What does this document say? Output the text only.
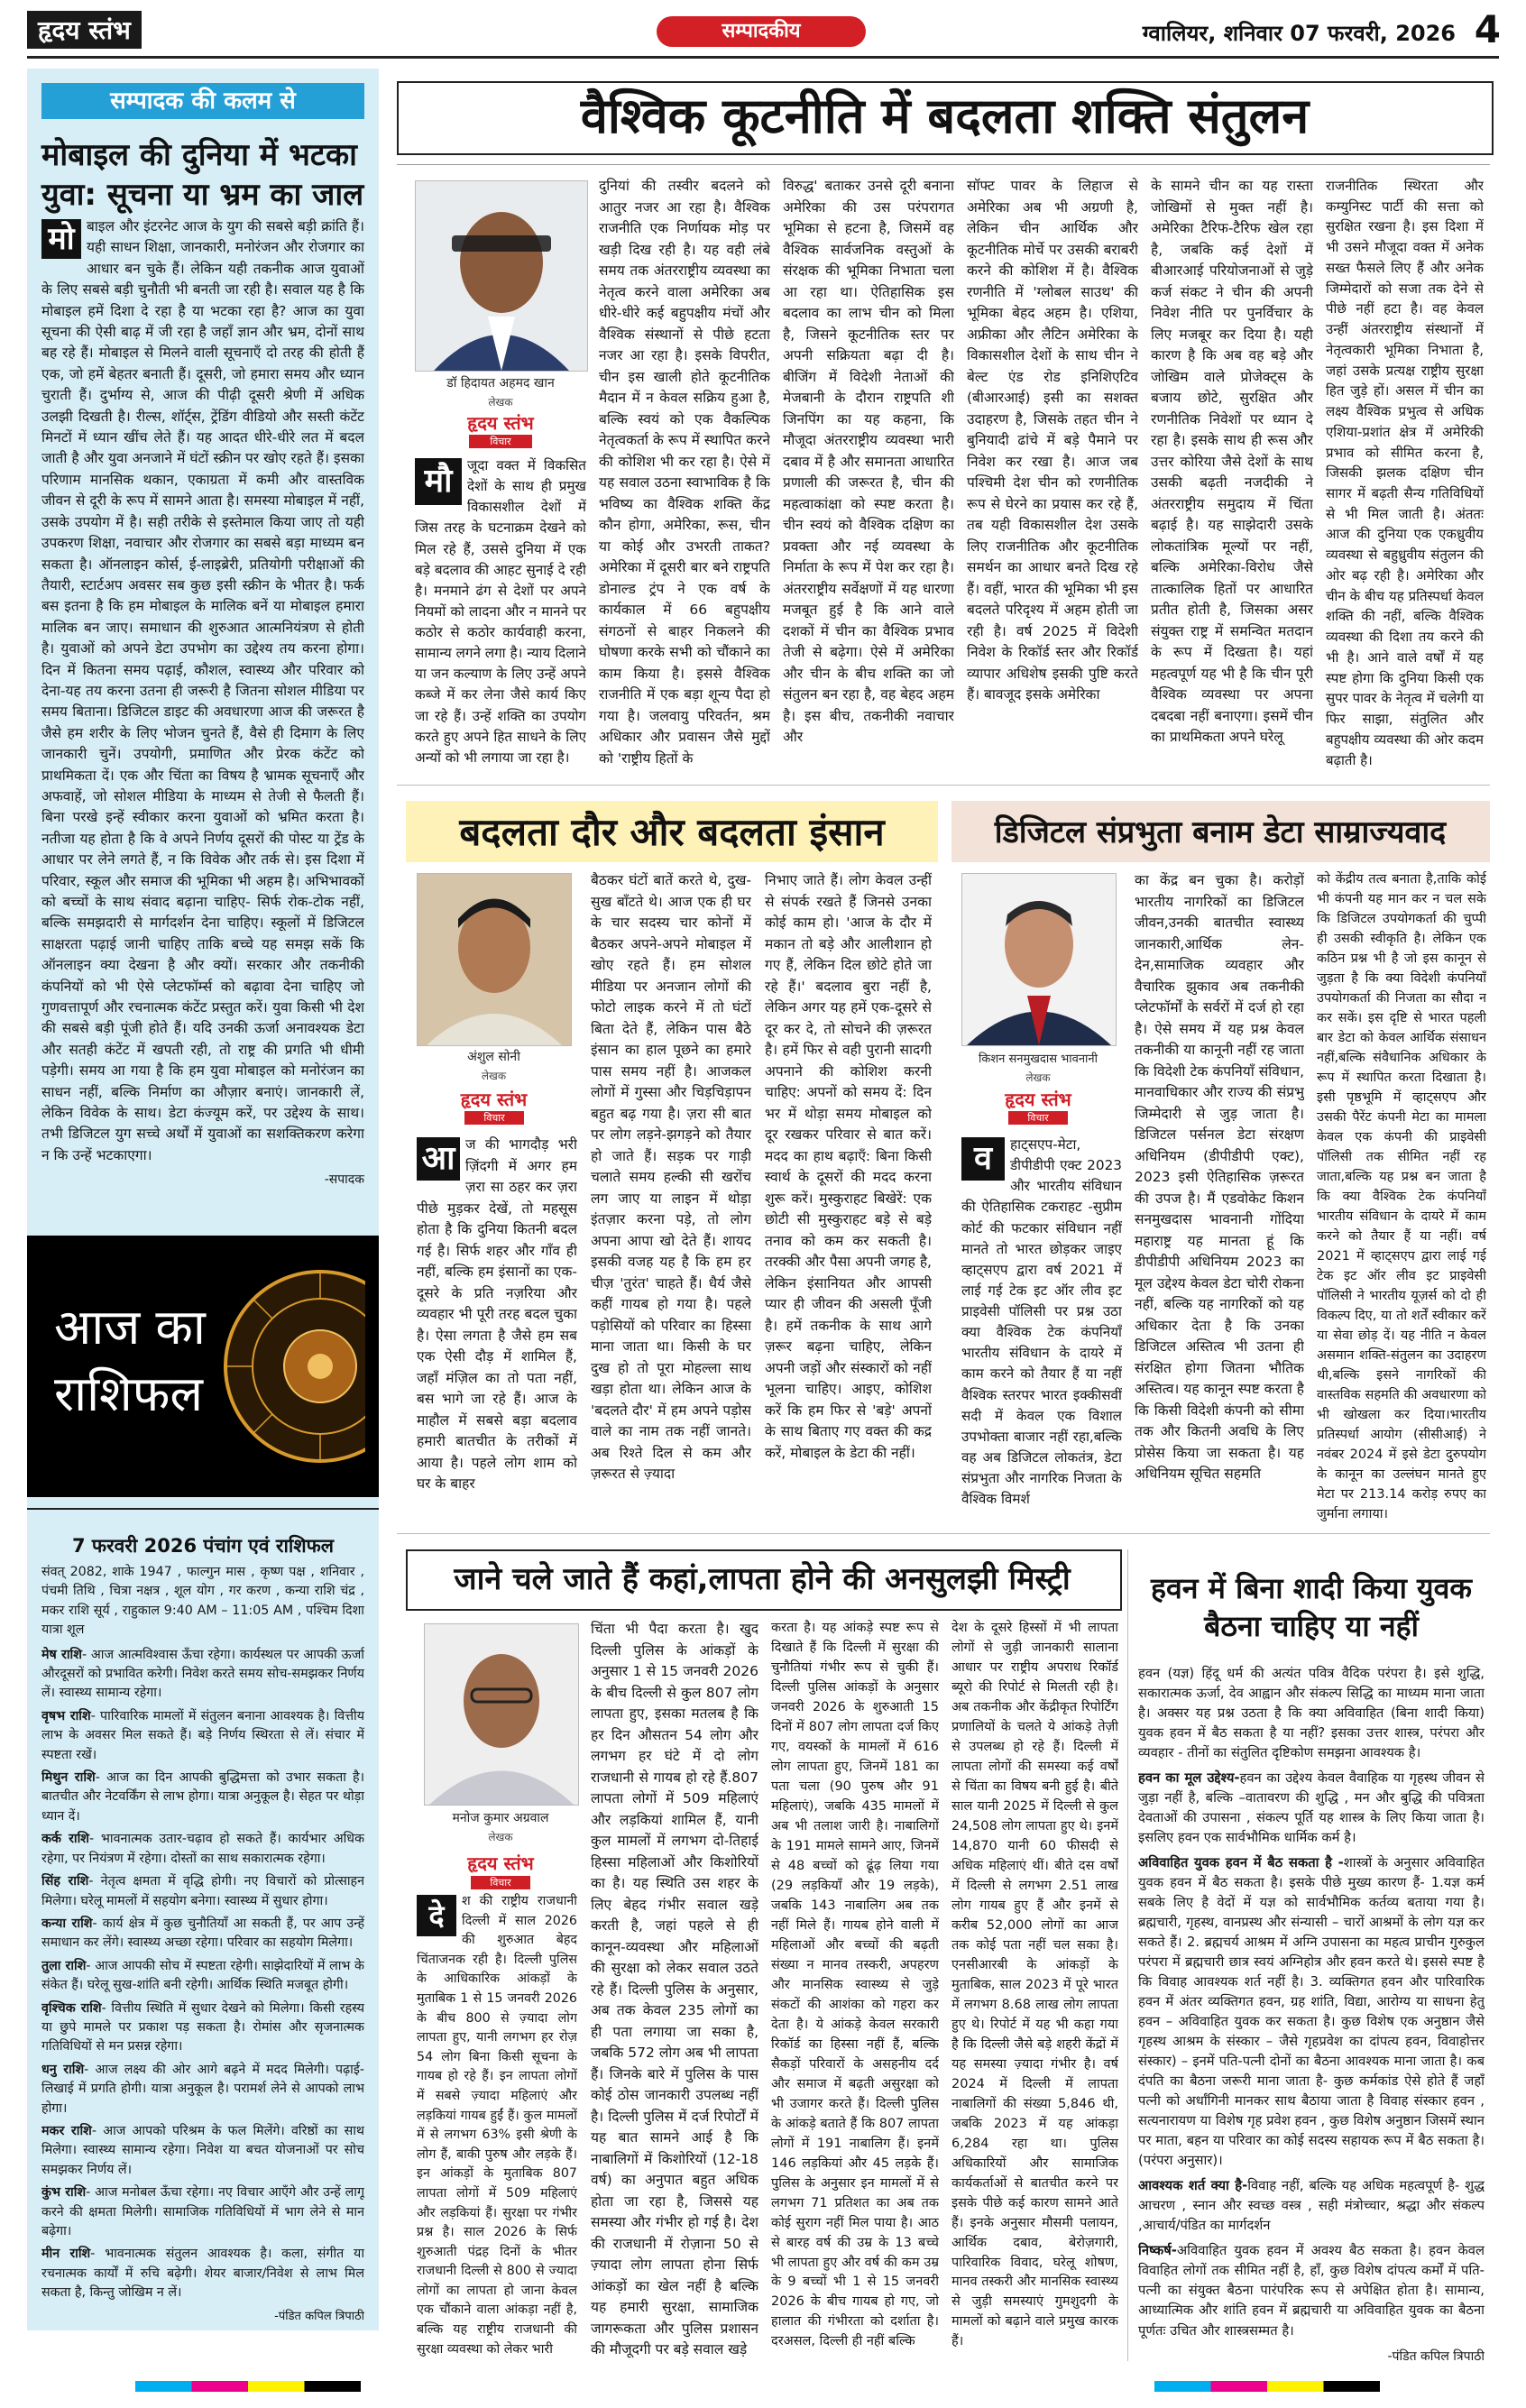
हृदय स्तंभ	सम्पादकीय	ग्वालियर, शनिवार 07 फरवरी, 2026 4
सम्पादक की कलम से
मोबाइल की दुनिया में भटका युवा: सूचना या भ्रम का जाल
मो बाइल और इंटरनेट आज के युग की सबसे बड़ी क्रांति हैं। यही साधन शिक्षा, जानकारी, मनोरंजन और रोजगार का आधार बन चुके हैं। लेकिन यही तकनीक आज युवाओं के लिए सबसे बड़ी चुनौती भी बनती जा रही है। सवाल यह है कि मोबाइल हमें दिशा दे रहा है या भटका रहा है? आज का युवा सूचना की ऐसी बाढ़ में जी रहा है जहाँ ज्ञान और भ्रम, दोनों साथ बह रहे हैं। मोबाइल से मिलने वाली सूचनाएँ दो तरह की होती हैं एक, जो हमें बेहतर बनाती हैं। दूसरी, जो हमारा समय और ध्यान चुराती हैं। दुर्भाग्य से, आज की पीढ़ी दूसरी श्रेणी में अधिक उलझी दिखती है। रील्स, शॉर्ट्स, ट्रेंडिंग वीडियो और सस्ती कंटेंट मिनटों में ध्यान खींच लेते हैं। यह आदत धीरे-धीरे लत में बदल जाती है और युवा अनजाने में घंटों स्क्रीन पर खोए रहते हैं। इसका परिणाम मानसिक थकान, एकाग्रता में कमी और वास्तविक जीवन से दूरी के रूप में सामने आता है। समस्या मोबाइल में नहीं, उसके उपयोग में है। सही तरीके से इस्तेमाल किया जाए तो यही उपकरण शिक्षा, नवाचार और रोजगार का सबसे बड़ा माध्यम बन सकता है। ऑनलाइन कोर्स, ई-लाइब्रेरी, प्रतियोगी परीक्षाओं की तैयारी, स्टार्टअप अवसर सब कुछ इसी स्क्रीन के भीतर है। फर्क बस इतना है कि हम मोबाइल के मालिक बनें या मोबाइल हमारा मालिक बन जाए। समाधान की शुरुआत आत्मनियंत्रण से होती है। युवाओं को अपने डेटा उपभोग का उद्देश्य तय करना होगा। दिन में कितना समय पढ़ाई, कौशल, स्वास्थ्य और परिवार को देना-यह तय करना उतना ही जरूरी है जितना सोशल मीडिया पर समय बिताना। डिजिटल डाइट की अवधारणा आज की जरूरत है जैसे हम शरीर के लिए भोजन चुनते हैं, वैसे ही दिमाग के लिए जानकारी चुनें। उपयोगी, प्रमाणित और प्रेरक कंटेंट को प्राथमिकता दें। एक और चिंता का विषय है भ्रामक सूचनाएँ और अफवाहें, जो सोशल मीडिया के माध्यम से तेजी से फैलती हैं। बिना परखे इन्हें स्वीकार करना युवाओं को भ्रमित करता है। नतीजा यह होता है कि वे अपने निर्णय दूसरों की पोस्ट या ट्रेंड के आधार पर लेने लगते हैं, न कि विवेक और तर्क से। इस दिशा में परिवार, स्कूल और समाज की भूमिका भी अहम है। अभिभावकों को बच्चों के साथ संवाद बढ़ाना चाहिए- सिर्फ रोक-टोक नहीं, बल्कि समझदारी से मार्गदर्शन देना चाहिए। स्कूलों में डिजिटल साक्षरता पढ़ाई जानी चाहिए ताकि बच्चे यह समझ सकें कि ऑनलाइन क्या देखना है और क्यों। सरकार और तकनीकी कंपनियों को भी ऐसे प्लेटफॉर्म्स को बढ़ावा देना चाहिए जो गुणवत्तापूर्ण और रचनात्मक कंटेंट प्रस्तुत करें। युवा किसी भी देश की सबसे बड़ी पूंजी होते हैं। यदि उनकी ऊर्जा अनावश्यक डेटा और सतही कंटेंट में खपती रही, तो राष्ट्र की प्रगति भी धीमी पड़ेगी। समय आ गया है कि हम युवा मोबाइल को मनोरंजन का साधन नहीं, बल्कि निर्माण का औज़ार बनाएं। जानकारी लें, लेकिन विवेक के साथ। डेटा कंज्यूम करें, पर उद्देश्य के साथ। तभी डिजिटल युग सच्चे अर्थों में युवाओं का सशक्तिकरण करेगा न कि उन्हें भटकाएगा।
-सपादक
आज का
राशिफल
7 फरवरी 2026 पंचांग एवं राशिफल

संवत् 2082, शाके 1947 , फाल्गुन मास , कृष्ण पक्ष , शनिवार , पंचमी तिथि , चित्रा नक्षत्र , शूल योग , गर करण , कन्या राशि चंद्र , मकर राशि सूर्य , राहुकाल 9:40 AM – 11:05 AM , पश्चिम दिशा यात्रा शूल

मेष राशि- आज आत्मविश्वास ऊँचा रहेगा। कार्यस्थल पर आपकी ऊर्जा औरदूसरों को प्रभावित करेगी। निवेश करते समय सोच-समझकर निर्णय लें। स्वास्थ्य सामान्य रहेगा।

वृषभ राशि- पारिवारिक मामलों में संतुलन बनाना आवश्यक है। वित्तीय लाभ के अवसर मिल सकते हैं। बड़े निर्णय स्थिरता से लें। संचार में स्पष्टता रखें।

मिथुन राशि- आज का दिन आपकी बुद्धिमत्ता को उभार सकता है। बातचीत और नेटवर्किंग से लाभ होगा। यात्रा अनुकूल है। सेहत पर थोड़ा ध्यान दें।

कर्क राशि- भावनात्मक उतार-चढ़ाव हो सकते हैं। कार्यभार अधिक रहेगा, पर नियंत्रण में रहेगा। दोस्तों का साथ सकारात्मक रहेगा।

सिंह राशि- नेतृत्व क्षमता में वृद्धि होगी। नए विचारों को प्रोत्साहन मिलेगा। घरेलू मामलों में सहयोग बनेगा। स्वास्थ्य में सुधार होगा।

कन्या राशि- कार्य क्षेत्र में कुछ चुनौतियाँ आ सकती हैं, पर आप उन्हें समाधान कर लेंगे। स्वास्थ्य अच्छा रहेगा। परिवार का सहयोग मिलेगा।

तुला राशि- आज आपकी सोच में स्पष्टता रहेगी। साझेदारियों में लाभ के संकेत हैं। घरेलू सुख-शांति बनी रहेगी। आर्थिक स्थिति मजबूत होगी।

वृश्चिक राशि- वित्तीय स्थिति में सुधार देखने को मिलेगा। किसी रहस्य या छुपे मामले पर प्रकाश पड़ सकता है। रोमांस और सृजनात्मक गतिविधियों से मन प्रसन्न रहेगा।

धनु राशि- आज लक्ष्य की ओर आगे बढ़ने में मदद मिलेगी। पढ़ाई-लिखाई में प्रगति होगी। यात्रा अनुकूल है। परामर्श लेने से आपको लाभ होगा।

मकर राशि- आज आपको परिश्रम के फल मिलेंगे। वरिष्ठों का साथ मिलेगा। स्वास्थ्य सामान्य रहेगा। निवेश या बचत योजनाओं पर सोच समझकर निर्णय लें।

कुंभ राशि- आज मनोबल ऊँचा रहेगा। नए विचार आएँगे और उन्हें लागू करने की क्षमता मिलेगी। सामाजिक गतिविधियों में भाग लेने से मान बढ़ेगा।

मीन राशि- भावनात्मक संतुलन आवश्यक है। कला, संगीत या रचनात्मक कार्यों में रुचि बढ़ेगी। शेयर बाजार/निवेश से लाभ मिल सकता है, किन्तु जोखिम न लें।

-पंडित कपिल त्रिपाठी
वैश्विक कूटनीति में बदलता शक्ति संतुलन
डॉ हिदायत अहमद खान
लेखक
हृदय स्तंभ
विचार
मौ	जूदा वक्त में विकसित देशों के साथ ही प्रमुख विकासशील देशों में जिस तरह के घटनाक्रम देखने को मिल रहे हैं, उससे दुनिया में एक बड़े बदलाव की आहट सुनाई दे रही है। मनमाने ढंग से देशों पर अपने नियमों को लादना और न मानने पर कठोर से कठोर कार्यवाही करना, सामान्य लगने लगा है। न्याय दिलाने या जन कल्याण के लिए उन्हें अपने कब्जे में कर लेना जैसे कार्य किए जा रहे हैं। उन्हें शक्ति का उपयोग करते हुए अपने हित साधने के लिए अन्यों को भी लगाया जा रहा है।
दुनियां की तस्वीर बदलने को आतुर नजर आ रहा है। वैश्विक राजनीति एक निर्णायक मोड़ पर खड़ी दिख रही है। यह वही लंबे समय तक अंतरराष्ट्रीय व्यवस्था का नेतृत्व करने वाला अमेरिका अब धीरे-धीरे कई बहुपक्षीय मंचों और वैश्विक संस्थानों से पीछे हटता नजर आ रहा है। इसके विपरीत, चीन इस खाली होते कूटनीतिक मैदान में न केवल सक्रिय हुआ है, बल्कि स्वयं को एक वैकल्पिक नेतृत्वकर्ता के रूप में स्थापित करने की कोशिश भी कर रहा है। ऐसे में यह सवाल उठना स्वाभाविक है कि भविष्य का वैश्विक शक्ति केंद्र कौन होगा, अमेरिका, रूस, चीन या कोई और उभरती ताकत? अमेरिका में दूसरी बार बने राष्ट्रपति डोनाल्ड ट्रंप ने एक वर्ष के कार्यकाल में 66 बहुपक्षीय संगठनों से बाहर निकलने की घोषणा करके सभी को चौंकाने का काम किया है। इससे वैश्विक राजनीति में एक बड़ा शून्य पैदा हो गया है। जलवायु परिवर्तन, श्रम अधिकार और प्रवासन जैसे मुद्दों को 'राष्ट्रीय हितों के
विरुद्ध' बताकर उनसे दूरी बनाना अमेरिका की उस परंपरागत भूमिका से हटना है, जिसमें वह वैश्विक सार्वजनिक वस्तुओं के संरक्षक की भूमिका निभाता चला आ रहा था। ऐतिहासिक इस बदलाव का लाभ चीन को मिला है, जिसने कूटनीतिक स्तर पर अपनी सक्रियता बढ़ा दी है। बीजिंग में विदेशी नेताओं की मेजबानी के दौरान राष्ट्रपति शी जिनपिंग का यह कहना, कि मौजूदा अंतरराष्ट्रीय व्यवस्था भारी दबाव में है और समानता आधारित प्रणाली की जरूरत है, चीन की महत्वाकांक्षा को स्पष्ट करता है। चीन स्वयं को वैश्विक दक्षिण का प्रवक्ता और नई व्यवस्था के निर्माता के रूप में पेश कर रहा है। अंतरराष्ट्रीय सर्वेक्षणों में यह धारणा मजबूत हुई है कि आने वाले दशकों में चीन का वैश्विक प्रभाव तेजी से बढ़ेगा। ऐसे में अमेरिका और चीन के बीच शक्ति का जो संतुलन बन रहा है, वह बेहद अहम है। इस बीच, तकनीकी नवाचार और
सॉफ्ट पावर के लिहाज से अमेरिका अब भी अग्रणी है, लेकिन चीन आर्थिक और कूटनीतिक मोर्चे पर उसकी बराबरी करने की कोशिश में है। वैश्विक रणनीति में 'ग्लोबल साउथ' की भूमिका बेहद अहम है। एशिया, अफ्रीका और लैटिन अमेरिका के विकासशील देशों के साथ चीन ने बेल्ट एंड रोड इनिशिएटिव (बीआरआई) इसी का सशक्त उदाहरण है, जिसके तहत चीन ने बुनियादी ढांचे में बड़े पैमाने पर निवेश कर रखा है। आज जब पश्चिमी देश चीन को रणनीतिक रूप से घेरने का प्रयास कर रहे हैं, तब यही विकासशील देश उसके लिए राजनीतिक और कूटनीतिक समर्थन का आधार बनते दिख रहे हैं। वहीं, भारत की भूमिका भी इस बदलते परिदृश्य में अहम होती जा रही है। वर्ष 2025 में विदेशी निवेश के रिकॉर्ड स्तर और रिकॉर्ड व्यापार अधिशेष इसकी पुष्टि करते हैं। बावजूद इसके अमेरिका
के सामने चीन का यह रास्ता जोखिमों से मुक्त नहीं है। अमेरिका टैरिफ-टैरिफ खेल रहा है, जबकि कई देशों में बीआरआई परियोजनाओं से जुड़े कर्ज संकट ने चीन की अपनी निवेश नीति पर पुनर्विचार के लिए मजबूर कर दिया है। यही कारण है कि अब वह बड़े और जोखिम वाले प्रोजेक्ट्स के बजाय छोटे, सुरक्षित और रणनीतिक निवेशों पर ध्यान दे रहा है। इसके साथ ही रूस और उत्तर कोरिया जैसे देशों के साथ उसकी बढ़ती नजदीकी ने अंतरराष्ट्रीय समुदाय में चिंता बढ़ाई है। यह साझेदारी उसके लोकतांत्रिक मूल्यों पर नहीं, बल्कि अमेरिका-विरोध जैसे तात्कालिक हितों पर आधारित प्रतीत होती है, जिसका असर संयुक्त राष्ट्र में समन्वित मतदान के रूप में दिखता है। यहां महत्वपूर्ण यह भी है कि चीन पूरी वैश्विक व्यवस्था पर अपना दबदबा नहीं बनाएगा। इसमें चीन का प्राथमिकता अपने घरेलू
राजनीतिक स्थिरता और कम्युनिस्ट पार्टी की सत्ता को सुरक्षित रखना है। इस दिशा में भी उसने मौजूदा वक्त में अनेक सख्त फैसले लिए हैं और अनेक जिम्मेदारों को सजा तक देने से पीछे नहीं हटा है। वह केवल उन्हीं अंतरराष्ट्रीय संस्थानों में नेतृत्वकारी भूमिका निभाता है, जहां उसके प्रत्यक्ष राष्ट्रीय सुरक्षा हित जुड़े हों। असल में चीन का लक्ष्य वैश्विक प्रभुत्व से अधिक एशिया-प्रशांत क्षेत्र में अमेरिकी प्रभाव को सीमित करना है, जिसकी झलक दक्षिण चीन सागर में बढ़ती सैन्य गतिविधियों से भी मिल जाती है। अंततः आज की दुनिया एक एकध्रुवीय व्यवस्था से बहुध्रुवीय संतुलन की ओर बढ़ रही है। अमेरिका और चीन के बीच यह प्रतिस्पर्धा केवल शक्ति की नहीं, बल्कि वैश्विक व्यवस्था की दिशा तय करने की भी है। आने वाले वर्षों में यह स्पष्ट होगा कि दुनिया किसी एक सुपर पावर के नेतृत्व में चलेगी या फिर साझा, संतुलित और बहुपक्षीय व्यवस्था की ओर कदम बढ़ाती है।
बदलता दौर और बदलता इंसान
अंशुल सोनी
लेखक
हृदय स्तंभ
विचार
आ ज की भागदौड़ भरी ज़िंदगी में अगर हम ज़रा सा ठहर कर ज़रा पीछे मुड़कर देखें, तो महसूस होता है कि दुनिया कितनी बदल गई है। सिर्फ शहर और गाँव ही नहीं, बल्कि हम इंसानों का एक-दूसरे के प्रति नज़रिया और व्यवहार भी पूरी तरह बदल चुका है। ऐसा लगता है जैसे हम सब एक ऐसी दौड़ में शामिल हैं, जहाँ मंज़िल का तो पता नहीं, बस भागे जा रहे हैं। आज के माहौल में सबसे बड़ा बदलाव हमारी बातचीत के तरीकों में आया है। पहले लोग शाम को घर के बाहर
बैठकर घंटों बातें करते थे, दुख-सुख बाँटते थे। आज एक ही घर के चार सदस्य चार कोनों में बैठकर अपने-अपने मोबाइल में खोए रहते हैं। हम सोशल मीडिया पर अनजान लोगों की फोटो लाइक करने में तो घंटों बिता देते हैं, लेकिन पास बैठे इंसान का हाल पूछने का हमारे पास समय नहीं है। आजकल लोगों में गुस्सा और चिड़चिड़ापन बहुत बढ़ गया है। ज़रा सी बात पर लोग लड़ने-झगड़ने को तैयार हो जाते हैं। सड़क पर गाड़ी चलाते समय हल्की सी खरोंच लग जाए या लाइन में थोड़ा इंतज़ार करना पड़े, तो लोग अपना आपा खो देते हैं। शायद इसकी वजह यह है कि हम हर चीज़ 'तुरंत' चाहते हैं। धैर्य जैसे कहीं गायब हो गया है। पहले पड़ोसियों को परिवार का हिस्सा माना जाता था। किसी के घर दुख हो तो पूरा मोहल्ला साथ खड़ा होता था। लेकिन आज के 'बदलते दौर' में हम अपने पड़ोस वाले का नाम तक नहीं जानते। अब रिश्ते दिल से कम और ज़रूरत से ज़्यादा
निभाए जाते हैं। लोग केवल उन्हीं से संपर्क रखते हैं जिनसे उनका कोई काम हो। 'आज के दौर में मकान तो बड़े और आलीशान हो गए हैं, लेकिन दिल छोटे होते जा रहे हैं।' बदलाव बुरा नहीं है, लेकिन अगर यह हमें एक-दूसरे से दूर कर दे, तो सोचने की ज़रूरत है। हमें फिर से वही पुरानी सादगी अपनाने की कोशिश करनी चाहिए: अपनों को समय दें: दिन भर में थोड़ा समय मोबाइल को दूर रखकर परिवार से बात करें। मदद का हाथ बढ़ाएँ: बिना किसी स्वार्थ के दूसरों की मदद करना शुरू करें। मुस्कुराहट बिखेरें: एक छोटी सी मुस्कुराहट बड़े से बड़े तनाव को कम कर सकती है। तरक्की और पैसा अपनी जगह है, लेकिन इंसानियत और आपसी प्यार ही जीवन की असली पूँजी है। हमें तकनीक के साथ आगे ज़रूर बढ़ना चाहिए, लेकिन अपनी जड़ों और संस्कारों को नहीं भूलना चाहिए। आइए, कोशिश करें कि हम फिर से 'बड़े' अपनों के साथ बिताए गए वक्त की कद्र करें, मोबाइल के डेटा की नहीं।
डिजिटल संप्रभुता बनाम डेटा साम्राज्यवाद
किशन सनमुखदास भावनानी
लेखक
हृदय स्तंभ
विचार
व	हाट्सएप-मेटा, डीपीडीपी एक्ट 2023 और भारतीय संविधान की ऐतिहासिक टकराहट -सुप्रीम कोर्ट की फटकार संविधान नहीं मानते तो भारत छोड़कर जाइए व्हाट्सएप द्वारा वर्ष 2021 में लाई गई टेक इट ऑर लीव इट प्राइवेसी पॉलिसी पर प्रश्न उठा क्या वैश्विक टेक कंपनियाँ भारतीय संविधान के दायरे में काम करने को तैयार हैं या नहीं वैश्विक स्तरपर भारत इक्कीसवीं सदी में केवल एक विशाल उपभोक्ता बाजार नहीं रहा,बल्कि वह अब डिजिटल लोकतंत्र, डेटा संप्रभुता और नागरिक निजता के वैश्विक विमर्श
का केंद्र बन चुका है। करोड़ों भारतीय नागरिकों का डिजिटल जीवन,उनकी बातचीत स्वास्थ्य जानकारी,आर्थिक लेन-देन,सामाजिक व्यवहार और वैचारिक झुकाव अब तकनीकी प्लेटफॉर्मों के सर्वरों में दर्ज हो रहा है। ऐसे समय में यह प्रश्न केवल तकनीकी या कानूनी नहीं रह जाता कि विदेशी टेक कंपनियाँ संविधान, मानवाधिकार और राज्य की संप्रभु जिम्मेदारी से जुड़ जाता है। डिजिटल पर्सनल डेटा संरक्षण अधिनियम (डीपीडीपी एक्ट), 2023 इसी ऐतिहासिक ज़रूरत की उपज है। मैं एडवोकेट किशन सनमुखदास भावनानी गोंदिया महाराष्ट्र यह मानता हूं कि डीपीडीपी अधिनियम 2023 का मूल उद्देश्य केवल डेटा चोरी रोकना नहीं, बल्कि यह नागरिकों को यह अधिकार देता है कि उनका डिजिटल अस्तित्व भी उतना ही संरक्षित होगा जितना भौतिक अस्तित्व। यह कानून स्पष्ट करता है कि किसी विदेशी कंपनी को सीमा तक और कितनी अवधि के लिए प्रोसेस किया जा सकता है। यह अधिनियम सूचित सहमति
को केंद्रीय तत्व बनाता है,ताकि कोई भी कंपनी यह मान कर न चल सके कि डिजिटल उपयोगकर्ता की चुप्पी ही उसकी स्वीकृति है। लेकिन एक कठिन प्रश्न भी है जो इस कानून से जुड़ता है कि क्या विदेशी कंपनियाँ उपयोगकर्ता की निजता का सौदा न कर सकें। इस दृष्टि से भारत पहली बार डेटा को केवल आर्थिक संसाधन नहीं,बल्कि संवैधानिक अधिकार के रूप में स्थापित करता दिखाता है। इसी पृष्ठभूमि में व्हाट्सएप और उसकी पैरेंट कंपनी मेटा का मामला केवल एक कंपनी की प्राइवेसी पॉलिसी तक सीमित नहीं रह जाता,बल्कि यह प्रश्न बन जाता है कि क्या वैश्विक टेक कंपनियाँ भारतीय संविधान के दायरे में काम करने को तैयार हैं या नहीं। वर्ष 2021 में व्हाट्सएप द्वारा लाई गई टेक इट ऑर लीव इट प्राइवेसी पॉलिसी ने भारतीय यूज़र्स को दो ही विकल्प दिए, या तो शर्तें स्वीकार करें या सेवा छोड़ दें। यह नीति न केवल असमान शक्ति-संतुलन का उदाहरण थी,बल्कि इसने नागरिकों की वास्तविक सहमति की अवधारणा को भी खोखला कर दिया।भारतीय प्रतिस्पर्धा आयोग (सीसीआई) ने नवंबर 2024 में इसे डेटा दुरुपयोग के कानून का उल्लंघन मानते हुए मेटा पर 213.14 करोड़ रुपए का जुर्माना लगाया।
जाने चले जाते हैं कहां,लापता होने की अनसुलझी मिस्ट्री
मनोज कुमार अग्रवाल
लेखक
हृदय स्तंभ
विचार
दे	श की राष्ट्रीय राजधानी दिल्ली में साल 2026 की शुरुआत बेहद चिंताजनक रही है। दिल्ली पुलिस के आधिकारिक आंकड़ों के मुताबिक 1 से 15 जनवरी 2026 के बीच 800 से ज़्यादा लोग लापता हुए, यानी लगभग हर रोज़ 54 लोग बिना किसी सूचना के गायब हो रहे हैं। इन लापता लोगों में सबसे ज़्यादा महिलाएं और लड़कियां गायब हुईं हैं। कुल मामलों में से लगभग 63% इसी श्रेणी के लोग हैं, बाकी पुरुष और लड़के हैं। इन आंकड़ों के मुताबिक 807 लापता लोगों में 509 महिलाएं और लड़कियां हैं। सुरक्षा पर गंभीर प्रश्न है। साल 2026 के सिर्फ शुरुआती पंद्रह दिनों के भीतर राजधानी दिल्ली से 800 से ज्यादा लोगों का लापता हो जाना केवल एक चौंकाने वाला आंकड़ा नहीं है, बल्कि यह राष्ट्रीय राजधानी की सुरक्षा व्यवस्था को लेकर भारी
चिंता भी पैदा करता है। खुद दिल्ली पुलिस के आंकड़ों के अनुसार 1 से 15 जनवरी 2026 के बीच दिल्ली से कुल 807 लोग लापता हुए, इसका मतलब है कि हर दिन औसतन 54 लोग और लगभग हर घंटे में दो लोग राजधानी से गायब हो रहे हैं.807 लापता लोगों में 509 महिलाएं और लड़कियां शामिल हैं, यानी कुल मामलों में लगभग दो-तिहाई हिस्सा महिलाओं और किशोरियों का है। यह स्थिति उस शहर के लिए बेहद गंभीर सवाल खड़े करती है, जहां पहले से ही कानून-व्यवस्था और महिलाओं की सुरक्षा को लेकर सवाल उठते रहे हैं। दिल्ली पुलिस के अनुसार, अब तक केवल 235 लोगों का ही पता लगाया जा सका है, जबकि 572 लोग अब भी लापता हैं। जिनके बारे में पुलिस के पास कोई ठोस जानकारी उपलब्ध नहीं है। दिल्ली पुलिस में दर्ज रिपोर्टों में यह बात सामने आई है कि नाबालिगों में किशोरियों (12-18 वर्ष) का अनुपात बहुत अधिक होता जा रहा है, जिससे यह समस्या और गंभीर हो गई है। देश की राजधानी में रोज़ाना 50 से ज़्यादा लोग लापता होना सिर्फ आंकड़ों का खेल नहीं है बल्कि यह हमारी सुरक्षा, सामाजिक जागरूकता और पुलिस प्रशासन की मौजूदगी पर बड़े सवाल खड़े
करता है। यह आंकड़े स्पष्ट रूप से दिखाते हैं कि दिल्ली में सुरक्षा की चुनौतियां गंभीर रूप से चुकी हैं। दिल्ली पुलिस आंकड़ों के अनुसार जनवरी 2026 के शुरुआती 15 दिनों में 807 लोग लापता दर्ज किए गए, वयस्कों के मामलों में 616 लोग लापता हुए, जिनमें 181 का पता चला (90 पुरुष और 91 महिलाएं), जबकि 435 मामलों में अब भी तलाश जारी है। नाबालिगों के 191 मामले सामने आए, जिनमें से 48 बच्चों को ढूंढ़ लिया गया (29 लड़कियाँ और 19 लड़के), जबकि 143 नाबालिग अब तक नहीं मिले हैं। गायब होने वाली में महिलाओं और बच्चों की बढ़ती संख्या न मानव तस्करी, अपहरण और मानसिक स्वास्थ्य से जुड़े संकटों की आशंका को गहरा कर देता है। ये आंकड़े केवल सरकारी रिकॉर्ड का हिस्सा नहीं हैं, बल्कि सैकड़ों परिवारों के असहनीय दर्द और समाज में बढ़ती असुरक्षा को भी उजागर करते हैं। दिल्ली पुलिस के आंकड़े बताते हैं कि 807 लापता लोगों में 191 नाबालिग हैं। इनमें 146 लड़कियां और 45 लड़के हैं। पुलिस के अनुसार इन मामलों में से लगभग 71 प्रतिशत का अब तक कोई सुराग नहीं मिल पाया है। आठ से बारह वर्ष की उम्र के 13 बच्चे भी लापता हुए और वर्ष की कम उम्र के 9 बच्चों भी 1 से 15 जनवरी 2026 के बीच गायब हो गए, जो हालात की गंभीरता को दर्शाता है। दरअसल, दिल्ली ही नहीं बल्कि
देश के दूसरे हिस्सों में भी लापता लोगों से जुड़ी जानकारी सालाना आधार पर राष्ट्रीय अपराध रिकॉर्ड ब्यूरो की रिपोर्ट से मिलती रही है। अब तकनीक और केंद्रीकृत रिपोर्टिंग प्रणालियों के चलते ये आंकड़े तेज़ी से उपलब्ध हो रहे हैं। दिल्ली में लापता लोगों की समस्या कई वर्षों से चिंता का विषय बनी हुई है। बीते साल यानी 2025 में दिल्ली से कुल 24,508 लोग लापता हुए थे। इनमें 14,870 यानी 60 फीसदी से अधिक महिलाएं थीं। बीते दस वर्षों में दिल्ली से लगभग 2.51 लाख लोग गायब हुए हैं और इनमें से करीब 52,000 लोगों का आज तक कोई पता नहीं चल सका है। एनसीआरबी के आंकड़ों के मुताबिक, साल 2023 में पूरे भारत में लगभग 8.68 लाख लोग लापता हुए थे। रिपोर्ट में यह भी कहा गया है कि दिल्ली जैसे बड़े शहरी केंद्रों में यह समस्या ज़्यादा गंभीर है। वर्ष 2024 में दिल्ली में लापता नाबालिगों की संख्या 5,846 थी, जबकि 2023 में यह आंकड़ा 6,284 रहा था। पुलिस अधिकारियों और सामाजिक कार्यकर्ताओं से बातचीत करने पर इसके पीछे कई कारण सामने आते हैं। इनके अनुसार मौसमी पलायन, आर्थिक दबाव, बेरोज़गारी, पारिवारिक विवाद, घरेलू शोषण, मानव तस्करी और मानसिक स्वास्थ्य से जुड़ी समस्याएं गुमशुदगी के मामलों को बढ़ाने वाले प्रमुख कारक हैं।
हवन में बिना शादी किया युवक बैठना चाहिए या नहीं

हवन (यज्ञ) हिंदू धर्म की अत्यंत पवित्र वैदिक परंपरा है। इसे शुद्धि, सकारात्मक ऊर्जा, देव आह्वान और संकल्प सिद्धि का माध्यम माना जाता है। अक्सर यह प्रश्न उठता है कि क्या अविवाहित (बिना शादी किया) युवक हवन में बैठ सकता है या नहीं? इसका उत्तर शास्त्र, परंपरा और व्यवहार - तीनों का संतुलित दृष्टिकोण समझना आवश्यक है।

हवन का मूल उद्देश्य-हवन का उद्देश्य केवल वैवाहिक या गृहस्थ जीवन से जुड़ा नहीं है, बल्कि –वातावरण की शुद्धि , मन और बुद्धि की पवित्रता देवताओं की उपासना , संकल्प पूर्ति यह शास्त्र के लिए किया जाता है। इसलिए हवन एक सार्वभौमिक धार्मिक कर्म है।

अविवाहित युवक हवन में बैठ सकता है -शास्त्रों के अनुसार अविवाहित युवक हवन में बैठ सकता है। इसके पीछे मुख्य कारण हैं- 1.यज्ञ कर्म सबके लिए है वेदों में यज्ञ को सार्वभौमिक कर्तव्य बताया गया है। ब्रह्मचारी, गृहस्थ, वानप्रस्थ और संन्यासी – चारों आश्रमों के लोग यज्ञ कर सकते हैं। 2. ब्रह्मचर्य आश्रम में अग्नि उपासना का महत्व प्राचीन गुरुकुल परंपरा में ब्रह्मचारी छात्र स्वयं अग्निहोत्र और हवन करते थे। इससे स्पष्ट है कि विवाह आवश्यक शर्त नहीं है। 3. व्यक्तिगत हवन और पारिवारिक हवन में अंतर व्यक्तिगत हवन, ग्रह शांति, विद्या, आरोग्य या साधना हेतु हवन – अविवाहित युवक कर सकता है। कुछ विशेष एक अनुष्ठान जैसे गृहस्थ आश्रम के संस्कार – जैसे गृहप्रवेश का दांपत्य हवन, विवाहोत्तर संस्कार) – इनमें पति-पत्नी दोनों का बैठना आवश्यक माना जाता है। कब दंपति का बैठना जरूरी माना जाता है- कुछ कर्मकांड ऐसे होते हैं जहाँ पत्नी को अर्धांगिनी मानकर साथ बैठाया जाता है विवाह संस्कार हवन , सत्यनारायण या विशेष गृह प्रवेश हवन , कुछ विशेष अनुष्ठान जिसमें स्थान पर माता, बहन या परिवार का कोई सदस्य सहायक रूप में बैठ सकता है। (परंपरा अनुसार)।

आवश्यक शर्त क्या है-विवाह नहीं, बल्कि यह अधिक महत्वपूर्ण है- शुद्ध आचरण , स्नान और स्वच्छ वस्त्र , सही मंत्रोच्चार, श्रद्धा और संकल्प ,आचार्य/पंडित का मार्गदर्शन

निष्कर्ष-अविवाहित युवक हवन में अवश्य बैठ सकता है। हवन केवल विवाहित लोगों तक सीमित नहीं है, हाँ, कुछ विशेष दांपत्य कर्मों में पति-पत्नी का संयुक्त बैठना पारंपरिक रूप से अपेक्षित होता है। सामान्य, आध्यात्मिक और शांति हवन में ब्रह्मचारी या अविवाहित युवक का बैठना पूर्णतः उचित और शास्त्रसम्मत है।

-पंडित कपिल त्रिपाठी
